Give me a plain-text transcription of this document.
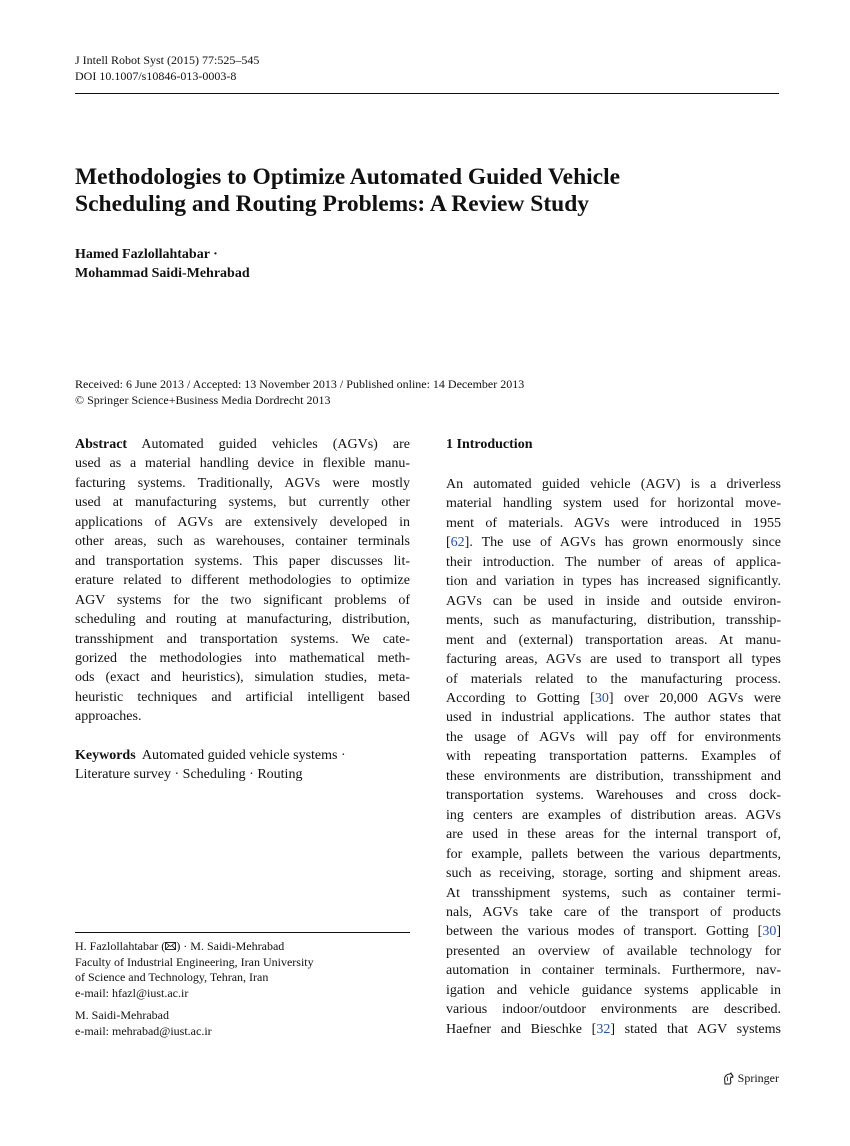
J Intell Robot Syst (2015) 77:525–545
DOI 10.1007/s10846-013-0003-8
Methodologies to Optimize Automated Guided Vehicle
Scheduling and Routing Problems: A Review Study
Hamed Fazlollahtabar ·
Mohammad Saidi-Mehrabad
Received: 6 June 2013 / Accepted: 13 November 2013 / Published online: 14 December 2013
© Springer Science+Business Media Dordrecht 2013
Abstract Automated guided vehicles (AGVs) are
used as a material handling device in flexible manu-
facturing systems. Traditionally, AGVs were mostly
used at manufacturing systems, but currently other
applications of AGVs are extensively developed in
other areas, such as warehouses, container terminals
and transportation systems. This paper discusses lit-
erature related to different methodologies to optimize
AGV systems for the two significant problems of
scheduling and routing at manufacturing, distribution,
transshipment and transportation systems. We cate-
gorized the methodologies into mathematical meth-
ods (exact and heuristics), simulation studies, meta-
heuristic techniques and artificial intelligent based
approaches.
Keywords  Automated guided vehicle systems ·
Literature survey · Scheduling · Routing
H. Fazlollahtabar ( ) · M. Saidi-Mehrabad
Faculty of Industrial Engineering, Iran University
of Science and Technology, Tehran, Iran
e-mail: hfazl@iust.ac.ir
M. Saidi-Mehrabad
e-mail: mehrabad@iust.ac.ir
1 Introduction
An automated guided vehicle (AGV) is a driverless
material handling system used for horizontal move-
ment of materials. AGVs were introduced in 1955
[62]. The use of AGVs has grown enormously since
their introduction. The number of areas of applica-
tion and variation in types has increased significantly.
AGVs can be used in inside and outside environ-
ments, such as manufacturing, distribution, transship-
ment and (external) transportation areas. At manu-
facturing areas, AGVs are used to transport all types
of materials related to the manufacturing process.
According to Gotting [30] over 20,000 AGVs were
used in industrial applications. The author states that
the usage of AGVs will pay off for environments
with repeating transportation patterns. Examples of
these environments are distribution, transshipment and
transportation systems. Warehouses and cross dock-
ing centers are examples of distribution areas. AGVs
are used in these areas for the internal transport of,
for example, pallets between the various departments,
such as receiving, storage, sorting and shipment areas.
At transshipment systems, such as container termi-
nals, AGVs take care of the transport of products
between the various modes of transport. Gotting [30]
presented an overview of available technology for
automation in container terminals. Furthermore, nav-
igation and vehicle guidance systems applicable in
various indoor/outdoor environments are described.
Haefner and Bieschke [32] stated that AGV systems
Springer
